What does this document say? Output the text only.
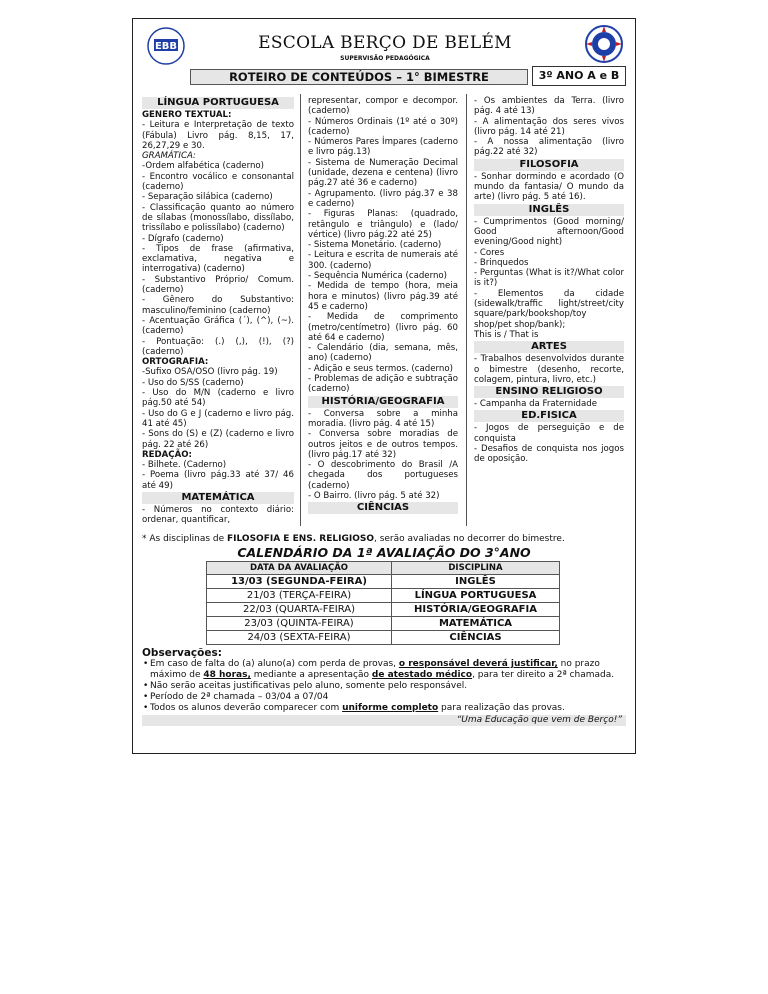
EBB	ESCOLA BERÇO DE BELÉM
SUPERVISÃO PEDAGÓGICA
ROTEIRO DE CONTEÚDOS – 1° BIMESTRE	3º ANO A e B
LÍNGUA PORTUGUESA

GENERO TEXTUAL:

- Leitura e Interpretação de texto (Fábula) Livro pág. 8,15, 17, 26,27,29 e 30.

GRAMÁTICA:

-Ordem alfabética (caderno)

- Encontro vocálico e consonantal (caderno)

- Separação silábica (caderno)

- Classificação quanto ao número de sílabas (monossílabo, dissílabo, trissílabo e polissílabo) (caderno)

- Dígrafo (caderno)

- Tipos de frase (afirmativa, exclamativa, negativa e interrogativa) (caderno)

- Substantivo Próprio/ Comum. (caderno)

- Gênero do Substantivo: masculino/feminino (caderno)

- Acentuação Gráfica (´), (^), (~). (caderno)

- Pontuação: (.) (,), (!), (?) (caderno)

ORTOGRAFIA:

-Sufixo OSA/OSO (livro pág. 19)

- Uso do S/SS (caderno)

- Uso do M/N (caderno e livro pág.50 até 54)

- Uso do G e J (caderno e livro pág. 41 até 45)

- Sons do (S) e (Z) (caderno e livro pág. 22 até 26)

REDAÇÃO:

- Bilhete. (Caderno)

- Poema (livro pág.33 até 37/ 46 até 49)

MATEMÁTICA

- Números no contexto diário: ordenar, quantificar,

representar, compor e decompor. (caderno)

- Números Ordinais (1º até o 30º) (caderno)

- Números Pares Ímpares (caderno e livro pág.13)

- Sistema de Numeração Decimal (unidade, dezena e centena) (livro pág.27 até 36 e caderno)

- Agrupamento. (livro pág.37 e 38 e caderno)

- Figuras Planas: (quadrado, retângulo e triângulo) e (lado/ vértice) (livro pág.22 até 25)

- Sistema Monetário. (caderno)

- Leitura e escrita de numerais até 300. (caderno)

- Sequência Numérica (caderno)

- Medida de tempo (hora, meia hora e minutos) (livro pág.39 até 45 e caderno)

- Medida de comprimento (metro/centímetro) (livro pág. 60 até 64 e caderno)

- Calendário (dia, semana, mês, ano) (caderno)

- Adição e seus termos. (caderno)

- Problemas de adição e subtração (caderno)

HISTÓRIA/GEOGRAFIA

- Conversa sobre a minha moradia. (livro pág. 4 até 15)

- Conversa sobre moradias de outros jeitos e de outros tempos. (livro pág.17 até 32)

- O descobrimento do Brasil /A chegada dos portugueses (caderno)

- O Bairro. (livro pág. 5 até 32)

CIÊNCIAS

- Os ambientes da Terra. (livro pág. 4 até 13)

- A alimentação dos seres vivos (livro pág. 14 até 21)

- A nossa alimentação (livro pág.22 até 32)

FILOSOFIA

- Sonhar dormindo e acordado (O mundo da fantasia/ O mundo da arte) (livro pág. 5 até 16).

INGLÊS

- Cumprimentos (Good morning/ Good afternoon/Good evening/Good night)

- Cores

- Brinquedos

- Perguntas (What is it?/What color is it?)

- Elementos da cidade (sidewalk/traffic light/street/city square/park/bookshop/toy shop/pet shop/bank);

This is / That is

ARTES

- Trabalhos desenvolvidos durante o bimestre (desenho, recorte, colagem, pintura, livro, etc.)

ENSINO RELIGIOSO

- Campanha da Fraternidade

ED.FISICA

- Jogos de perseguição e de conquista

- Desafios de conquista nos jogos de oposição.

* As disciplinas de FILOSOFIA E ENS. RELIGIOSO, serão avaliadas no decorrer do bimestre.
CALENDÁRIO DA 1ª AVALIAÇÃO DO 3°ANO
DATA DA AVALIAÇÃO	DISCIPLINA
13/03 (SEGUNDA-FEIRA)	INGLÊS
21/03 (TERÇA-FEIRA)	LÍNGUA PORTUGUESA
22/03 (QUARTA-FEIRA)	HISTÓRIA/GEOGRAFIA
23/03 (QUINTA-FEIRA)	MATEMÁTICA
24/03 (SEXTA-FEIRA)	CIÊNCIAS
Observações:
• Em caso de falta do (a) aluno(a) com perda de provas, o responsável deverá justificar, no prazo máximo de 48 horas, mediante a apresentação de atestado médico, para ter direito a 2ª chamada.
• Não serão aceitas justificativas pelo aluno, somente pelo responsável.
• Período de 2ª chamada – 03/04 a 07/04
• Todos os alunos deverão comparecer com uniforme completo para realização das provas.
“Uma Educação que vem de Berço!”
